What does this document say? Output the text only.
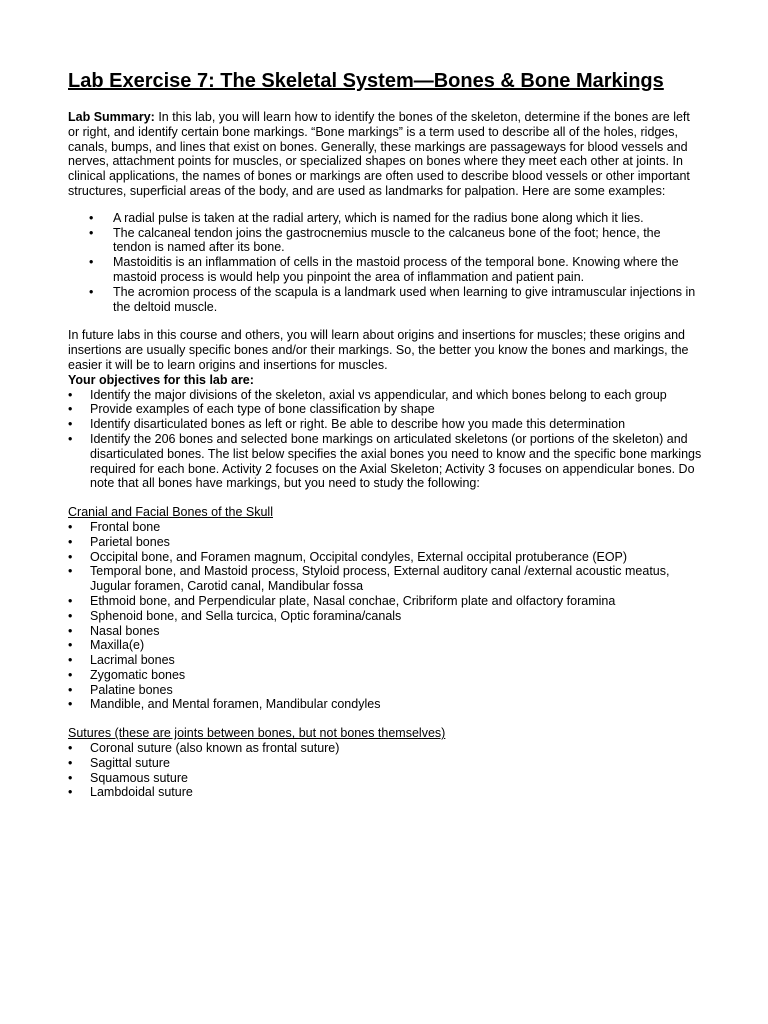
Lab Exercise 7: The Skeletal System—Bones & Bone Markings

Lab Summary: In this lab, you will learn how to identify the bones of the skeleton, determine if the bones are left or right, and identify certain bone markings. “Bone markings” is a term used to describe all of the holes, ridges, canals, bumps, and lines that exist on bones. Generally, these markings are passageways for blood vessels and nerves, attachment points for muscles, or specialized shapes on bones where they meet each other at joints. In clinical applications, the names of bones or markings are often used to describe blood vessels or other important structures, superficial areas of the body, and are used as landmarks for palpation. Here are some examples:

• A radial pulse is taken at the radial artery, which is named for the radius bone along which it lies.
• The calcaneal tendon joins the gastrocnemius muscle to the calcaneus bone of the foot; hence, the tendon is named after its bone.
• Mastoiditis is an inflammation of cells in the mastoid process of the temporal bone. Knowing where the mastoid process is would help you pinpoint the area of inflammation and patient pain.
• The acromion process of the scapula is a landmark used when learning to give intramuscular injections in the deltoid muscle.

In future labs in this course and others, you will learn about origins and insertions for muscles; these origins and insertions are usually specific bones and/or their markings. So, the better you know the bones and markings, the easier it will be to learn origins and insertions for muscles.

Your objectives for this lab are:

• Identify the major divisions of the skeleton, axial vs appendicular, and which bones belong to each group
• Provide examples of each type of bone classification by shape
• Identify disarticulated bones as left or right. Be able to describe how you made this determination
• Identify the 206 bones and selected bone markings on articulated skeletons (or portions of the skeleton) and disarticulated bones. The list below specifies the axial bones you need to know and the specific bone markings required for each bone. Activity 2 focuses on the Axial Skeleton; Activity 3 focuses on appendicular bones. Do note that all bones have markings, but you need to study the following:
Cranial and Facial Bones of the Skull
• Frontal bone
• Parietal bones
• Occipital bone, and Foramen magnum, Occipital condyles, External occipital protuberance (EOP)
• Temporal bone, and Mastoid process, Styloid process, External auditory canal /external acoustic meatus, Jugular foramen, Carotid canal, Mandibular fossa
• Ethmoid bone, and Perpendicular plate, Nasal conchae, Cribriform plate and olfactory foramina
• Sphenoid bone, and Sella turcica, Optic foramina/canals
• Nasal bones
• Maxilla(e)
• Lacrimal bones
• Zygomatic bones
• Palatine bones
• Mandible, and Mental foramen, Mandibular condyles
Sutures (these are joints between bones, but not bones themselves)
• Coronal suture (also known as frontal suture)
• Sagittal suture
• Squamous suture
• Lambdoidal suture
